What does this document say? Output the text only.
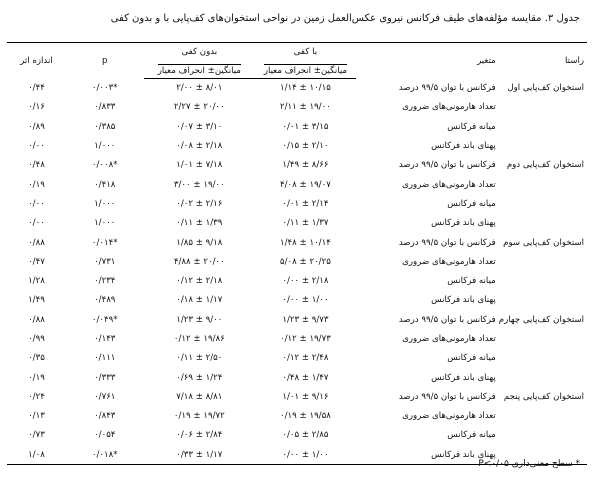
جدول ۳. مقایسه مؤلفه‌های طیف فرکانس نیروی عکس‌العمل زمین در نواحی استخوان‌های کف‌پایی با و بدون کفی
راستا	متغیر	با کفی	بدون کفی	p	اندازه اثر
		میانگین± انحراف معیار	میانگین± انحراف معیار		
استخوان کف‌پایی اول	فرکانس با توان ۹۹/۵ درصد	۱۰/۱۵ ± ۱/۱۴	۸/۰۱ ± ۲/۰۰	*۰/۰۰۳	۰/۴۴
	تعداد هارمونی‌های ضروری	۱۹/۰۰ ± ۲/۱۱	۲۰/۰۰ ± ۲/۲۷	۰/۸۳۳	۰/۱۶
	میانه فرکانس	۳/۱۵ ± ۰/۰۱	۳/۱۰ ± ۰/۰۷	۰/۳۸۵	۰/۸۹
	پهنای باند فرکانس	۲/۱۰ ± ۰/۱۵	۲/۱۸ ± ۰/۰۸	۱/۰۰۰	۰/۰۰
استخوان کف‌پایی دوم	فرکانس با توان ۹۹/۵ درصد	۸/۶۶ ± ۱/۴۹	۷/۱۸ ± ۱/۰۱	*۰/۰۰۸	۰/۴۸
	تعداد هارمونی‌های ضروری	۱۹/۰۷ ± ۴/۰۸	۱۹/۰۰ ± ۳/۰۰	۰/۴۱۸	۰/۱۹
	میانه فرکانس	۲/۱۴ ± ۰/۰۱	۲/۱۶ ± ۰/۰۲	۱/۰۰۰	۰/۰۰
	پهنای باند فرکانس	۱/۳۷ ± ۰/۱۱	۱/۳۹ ± ۰/۱۱	۱/۰۰۰	۰/۰۰
استخوان کف‌پایی سوم	فرکانس با توان ۹۹/۵ درصد	۱۰/۱۴ ± ۱/۴۸	۹/۱۸ ± ۱/۸۵	*۰/۰۱۴	۰/۸۸
	تعداد هارمونی‌های ضروری	۲۰/۲۵ ± ۵/۰۸	۲۰/۰۰ ± ۴/۸۸	۰/۷۳۱	۰/۴۷
	میانه فرکانس	۲/۱۸ ± ۰/۰۰	۲/۱۸ ± ۰/۱۲	۰/۲۳۴	۱/۲۸
	پهنای باند فرکانس	۱/۰۰ ± ۰/۰۰	۱/۱۷ ± ۰/۱۸	۰/۴۸۹	۱/۴۹
استخوان کف‌پایی چهارم	فرکانس با توان ۹۹/۵ درصد	۹/۷۳ ± ۱/۲۳	۹/۰۰ ± ۱/۲۳	*۰/۰۴۹	۰/۸۸
	تعداد هارمونی‌های ضروری	۱۹/۷۳ ± ۰/۱۲	۱۹/۸۶ ± ۰/۱۲	۰/۱۴۳	۰/۹۹
	میانه فرکانس	۲/۴۸ ± ۰/۱۲	۲/۵۰ ± ۰/۱۱	۰/۱۱۱	۰/۳۵
	پهنای باند فرکانس	۱/۴۷ ± ۰/۴۸	۱/۲۴ ± ۰/۶۹	۰/۳۳۳	۰/۱۹
استخوان کف‌پایی پنجم	فرکانس با توان ۹۹/۵ درصد	۹/۱۶ ± ۱/۰۱	۸/۸۱ ± ۷/۱۸	۰/۷۶۱	۰/۲۴
	تعداد هارمونی‌های ضروری	۱۹/۵۸ ± ۰/۱۹	۱۹/۷۲ ± ۰/۱۹	۰/۸۴۳	۰/۱۳
	میانه فرکانس	۲/۸۵ ± ۰/۰۵	۲/۸۴ ± ۰/۰۶	۰/۰۵۴	۰/۷۳
	پهنای باند فرکانس	۱/۰۰ ± ۰/۰۰	۱/۱۷ ± ۰/۳۳	*۰/۰۱۸	۱/۰۸
* سطح معنی‌داری P<۰/۰۵
